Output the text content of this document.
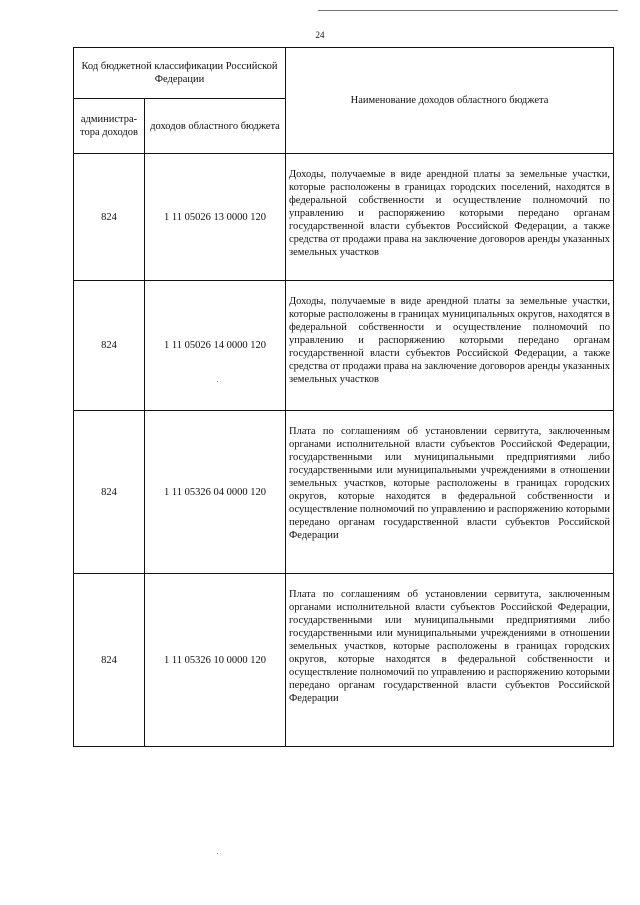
24
Код бюджетной классификации Российской Федерации		Наименование доходов областного бюджета
администра-тора доходов	доходов областного бюджета	
824	1 11 05026 13 0000 120	Доходы, получаемые в виде арендной платы за земельные участки, которые расположены в границах городских поселений, находятся в федеральной собственности и осуществление полномочий по управлению и распоряжению которыми передано органам государственной власти субъектов Российской Федерации, а также средства от продажи права на заключение договоров аренды указанных земельных участков
824	1 11 05026 14 0000 120	Доходы, получаемые в виде арендной платы за земельные участки, которые расположены в границах муниципальных округов, находятся в федеральной собственности и осуществление полномочий по управлению и распоряжению которыми передано органам государственной власти субъектов Российской Федерации, а также средства от продажи права на заключение договоров аренды указанных земельных участков
824	1 11 05326 04 0000 120	Плата по соглашениям об установлении сервитута, заключенным органами исполнительной власти субъектов Российской Федерации, государственными или муниципальными предприятиями либо государственными или муниципальными учреждениями в отношении земельных участков, которые расположены в границах городских округов, которые находятся в федеральной собственности и осуществление полномочий по управлению и распоряжению которыми передано органам государственной власти субъектов Российской Федерации
824	1 11 05326 10 0000 120	Плата по соглашениям об установлении сервитута, заключенным органами исполнительной власти субъектов Российской Федерации, государственными или муниципальными предприятиями либо государственными или муниципальными учреждениями в отношении земельных участков, которые расположены в границах городских округов, которые находятся в федеральной собственности и осуществление полномочий по управлению и распоряжению которыми передано органам государственной власти субъектов Российской Федерации
